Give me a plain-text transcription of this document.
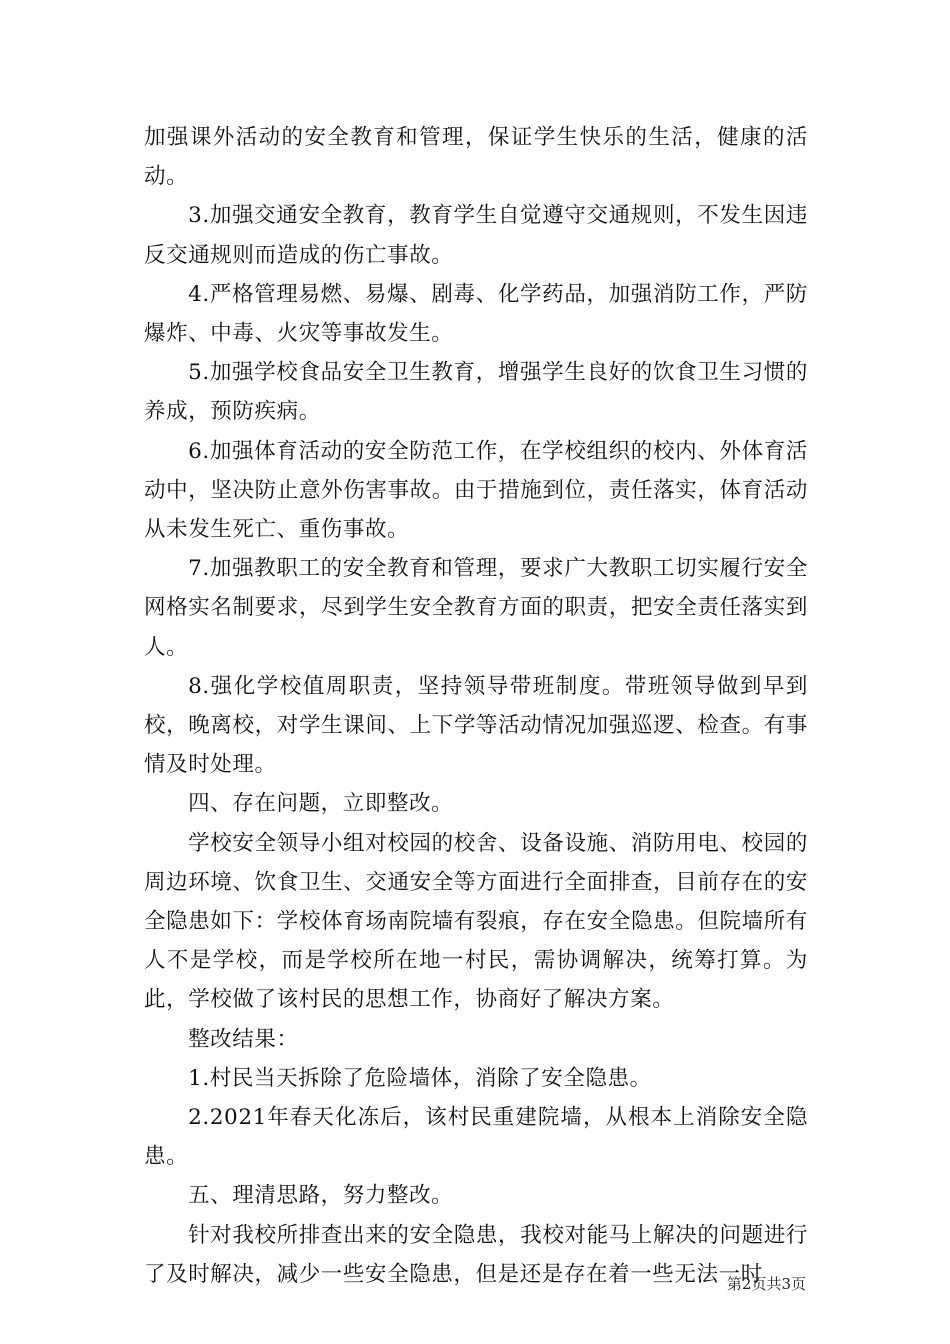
加强课外活动的安全教育和管理，保证学生快乐的生活，健康的活动。

3.加强交通安全教育，教育学生自觉遵守交通规则，不发生因违反交通规则而造成的伤亡事故。

4.严格管理易燃、易爆、剧毒、化学药品，加强消防工作，严防爆炸、中毒、火灾等事故发生。

5.加强学校食品安全卫生教育，增强学生良好的饮食卫生习惯的养成，预防疾病。

6.加强体育活动的安全防范工作，在学校组织的校内、外体育活动中，坚决防止意外伤害事故。由于措施到位，责任落实，体育活动从未发生死亡、重伤事故。

7.加强教职工的安全教育和管理，要求广大教职工切实履行安全网格实名制要求，尽到学生安全教育方面的职责，把安全责任落实到人。

8.强化学校值周职责，坚持领导带班制度。带班领导做到早到校，晚离校，对学生课间、上下学等活动情况加强巡逻、检查。有事情及时处理。

四、存在问题，立即整改。

学校安全领导小组对校园的校舍、设备设施、消防用电、校园的周边环境、饮食卫生、交通安全等方面进行全面排查，目前存在的安全隐患如下：学校体育场南院墙有裂痕，存在安全隐患。但院墙所有人不是学校，而是学校所在地一村民，需协调解决，统筹打算。为此，学校做了该村民的思想工作，协商好了解决方案。

整改结果：

1.村民当天拆除了危险墙体，消除了安全隐患。

2.2021年春天化冻后，该村民重建院墙，从根本上消除安全隐患。

五、理清思路，努力整改。

针对我校所排查出来的安全隐患，我校对能马上解决的问题进行了及时解决，减少一些安全隐患，但是还是存在着一些无法一时

第2页共3页
